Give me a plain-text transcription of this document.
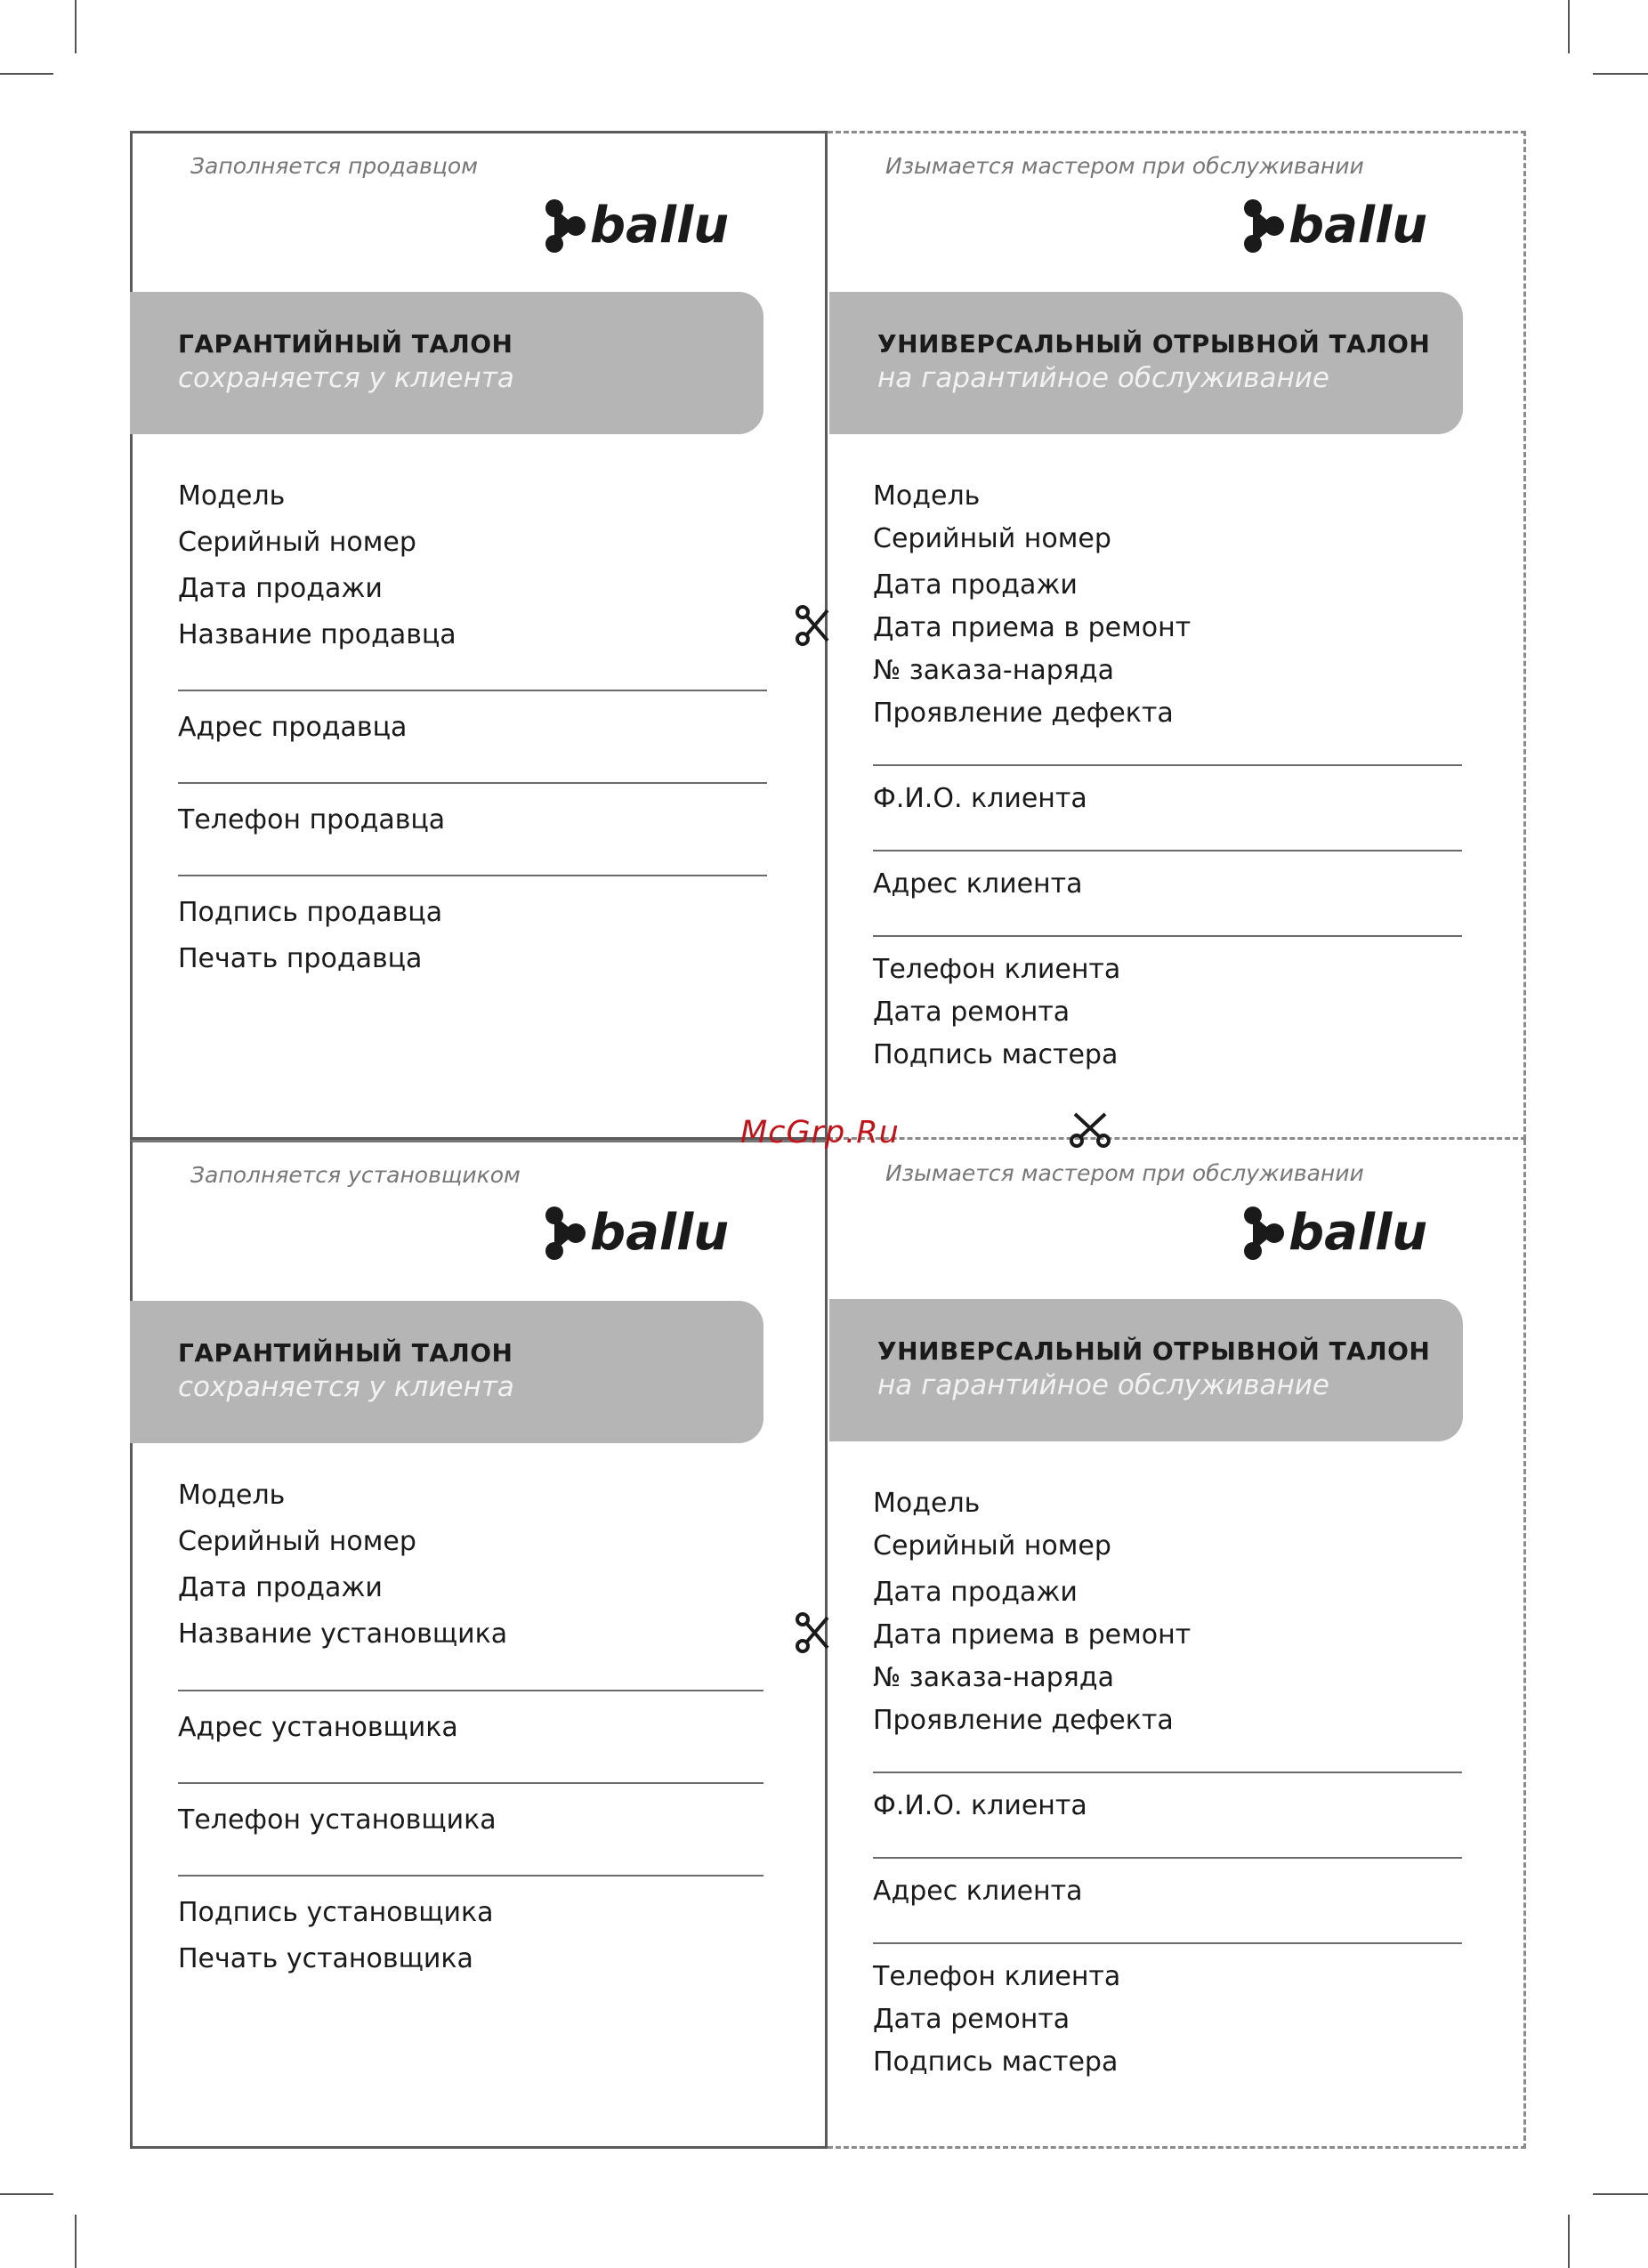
Заполняется продавцом
ballu
ГАРАНТИЙНЫЙ ТАЛОН
сохраняется у клиента
Модель
Серийный номер
Дата продажи
Название продавца
Адрес продавца
Телефон продавца
Подпись продавца
Печать продавца
Изымается мастером при обслуживании
ballu
УНИВЕРСАЛЬНЫЙ ОТРЫВНОЙ ТАЛОН
на гарантийное обслуживание
Модель
Серийный номер
Дата продажи
Дата приема в ремонт
№ заказа-наряда
Проявление дефекта
Ф.И.О. клиента
Адрес клиента
Телефон клиента
Дата ремонта
Подпись мастера
Заполняется установщиком
ballu
ГАРАНТИЙНЫЙ ТАЛОН
сохраняется у клиента
Модель
Серийный номер
Дата продажи
Название установщика
Адрес установщика
Телефон установщика
Подпись установщика
Печать установщика
Изымается мастером при обслуживании
ballu
УНИВЕРСАЛЬНЫЙ ОТРЫВНОЙ ТАЛОН
на гарантийное обслуживание
Модель
Серийный номер
Дата продажи
Дата приема в ремонт
№ заказа-наряда
Проявление дефекта
Ф.И.О. клиента
Адрес клиента
Телефон клиента
Дата ремонта
Подпись мастера
McGrp.Ru
